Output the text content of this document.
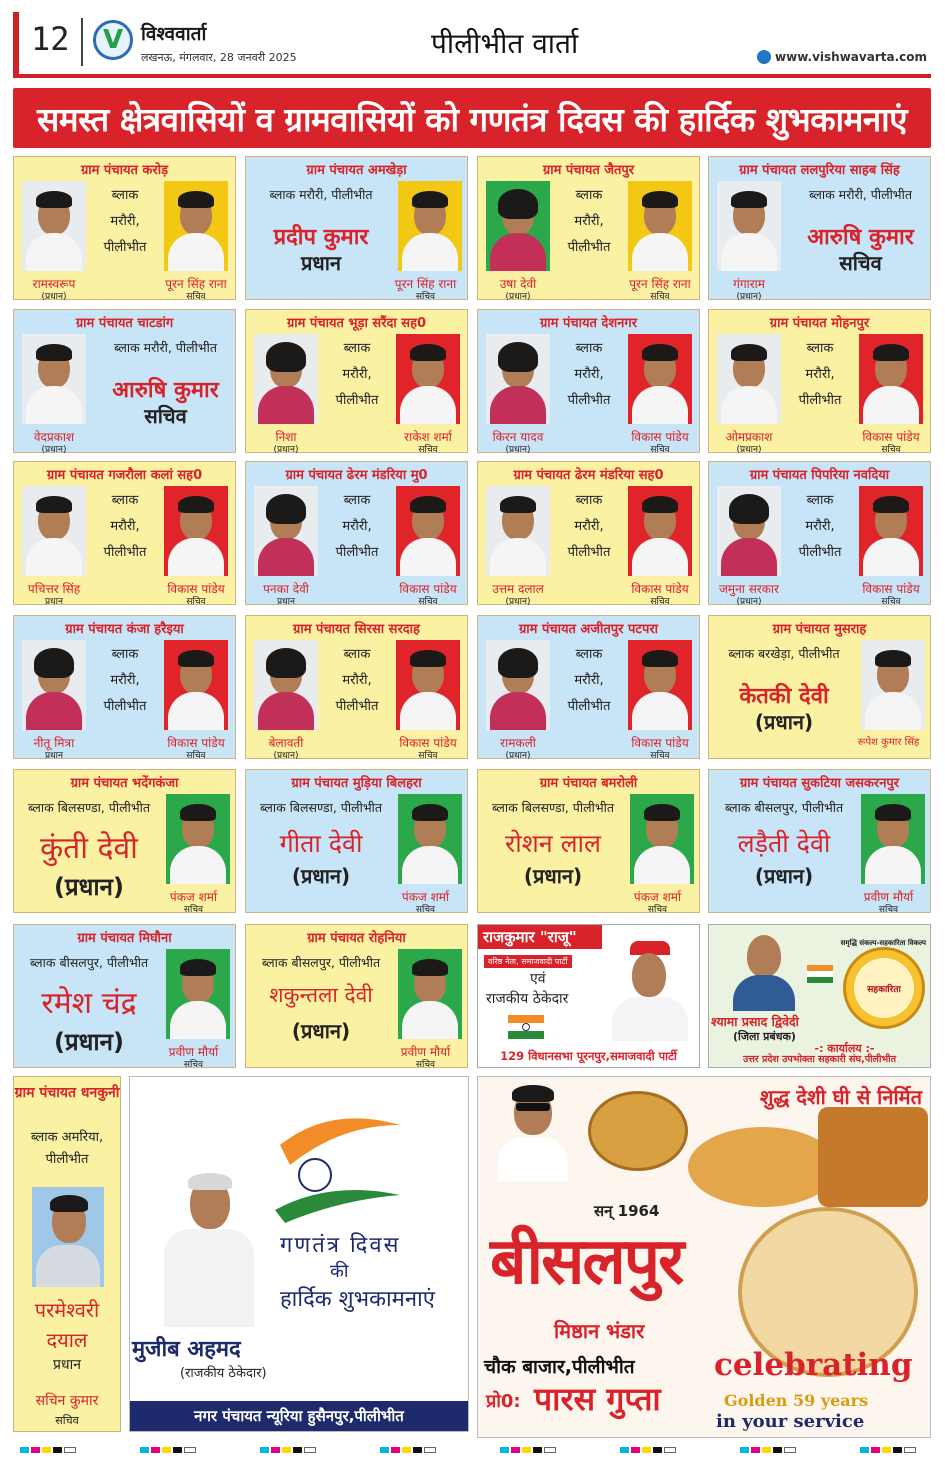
12	V विश्ववार्ता
लखनऊ, मंगलवार, 28 जनवरी 2025	पीलीभीत वार्ता	www.vishwavarta.com
समस्त क्षेत्रवासियों व ग्रामवासियों को गणतंत्र दिवस की हार्दिक शुभकामनाएं
ग्राम पंचायत करोड़
ब्लाक
मरौरी,
पीलीभीत
रामस्वरूप
(प्रधान)
पूरन सिंह राना
सचिव
ग्राम पंचायत अमखेड़ा
ब्लाक मरौरी, पीलीभीत
प्रदीप कुमार
प्रधान
पूरन सिंह राना
सचिव
ग्राम पंचायत जैतपुर
ब्लाक
मरौरी,
पीलीभीत
उषा देवी
(प्रधान)
पूरन सिंह राना
सचिव
ग्राम पंचायत ललपुरिया साहब सिंह
ब्लाक मरौरी, पीलीभीत
आरुषि कुमार
सचिव
गंगाराम
(प्रधान)
ग्राम पंचायत चाटडांग
ब्लाक मरौरी, पीलीभीत
आरुषि कुमार
सचिव
वेदप्रकाश
(प्रधान)
ग्राम पंचायत भूड़ा सरैंदा सह0
ब्लाक
मरौरी,
पीलीभीत
निशा
(प्रधान)
राकेश शर्मा
सचिव
ग्राम पंचायत देशनगर
ब्लाक
मरौरी,
पीलीभीत
किरन यादव
(प्रधान)
विकास पांडेय
सचिव
ग्राम पंचायत मोहनपुर
ब्लाक
मरौरी,
पीलीभीत
ओमप्रकाश
(प्रधान)
विकास पांडेय
सचिव
ग्राम पंचायत गजरौला कलां सह0
ब्लाक
मरौरी,
पीलीभीत
पचित्तर सिंह
प्रधान
विकास पांडेय
सचिव
ग्राम पंचायत ढेरम मंडरिया मु0
ब्लाक
मरौरी,
पीलीभीत
पनका देवी
प्रधान
विकास पांडेय
सचिव
ग्राम पंचायत ढेरम मंडरिया सह0
ब्लाक
मरौरी,
पीलीभीत
उत्तम दलाल
(प्रधान)
विकास पांडेय
सचिव
ग्राम पंचायत पिपरिया नवदिया
ब्लाक
मरौरी,
पीलीभीत
जमुना सरकार
(प्रधान)
विकास पांडेय
सचिव
ग्राम पंचायत कंजा हरैइया
ब्लाक
मरौरी,
पीलीभीत
नीतू मित्रा
प्रधान
विकास पांडेय
सचिव
ग्राम पंचायत सिरसा सरदाह
ब्लाक
मरौरी,
पीलीभीत
बेलावती
(प्रधान)
विकास पांडेय
सचिव
ग्राम पंचायत अजीतपुर पटपरा
ब्लाक
मरौरी,
पीलीभीत
रामकली
(प्रधान)
विकास पांडेय
सचिव
ग्राम पंचायत मुसराह
ब्लाक बरखेड़ा, पीलीभीत
केतकी देवी
(प्रधान)
रूपेश कुमार सिंह
ग्राम पंचायत भदेंगकंजा
ब्लाक बिलसण्डा, पीलीभीत
कुंती देवी
(प्रधान)	पंकज शर्मा
सचिव
ग्राम पंचायत मुड़िया बिलहरा
ब्लाक बिलसण्डा, पीलीभीत
गीता देवी
(प्रधान)
पंकज शर्मा
सचिव
ग्राम पंचायत बमरोली
ब्लाक बिलसण्डा, पीलीभीत
रोशन लाल
(प्रधान)
पंकज शर्मा
सचिव
ग्राम पंचायत सुकटिया जसकरनपुर
ब्लाक बीसलपुर, पीलीभीत
लड़ैती देवी
(प्रधान)
प्रवीण मौर्या
सचिव
ग्राम पंचायत मिघौना
ब्लाक बीसलपुर, पीलीभीत
रमेश चंद्र
(प्रधान)	प्रवीण मौर्या
सचिव
ग्राम पंचायत रोहनिया
ब्लाक बीसलपुर, पीलीभीत
शकुन्तला देवी
(प्रधान)
प्रवीण मौर्या
सचिव
राजकुमार "राजू"
वरिष्ठ नेता, समाजवादी पार्टी
एवं
राजकीय ठेकेदार
129 विधानसभा पूरनपुर,समाजवादी पार्टी
समृद्धि संकल्प-सहकारिता विकल्प
सहकारिता
श्यामा प्रसाद द्विवेदी
(जिला प्रबंधक)
-: कार्यालय :-
उत्तर प्रदेश उपभोक्ता सहकारी संघ,पीलीभीत
ग्राम पंचायत धनकुनी
ब्लाक अमरिया, पीलीभीत
परमेश्वरी दयाल
प्रधान
सचिन कुमार
सचिव
गणतंत्र दिवस
की
हार्दिक शुभकामनाएं
मुजीब अहमद
(राजकीय ठेकेदार)
नगर पंचायत न्यूरिया हुसैनपुर,पीलीभीत
शुद्ध देशी घी से निर्मित
सन् 1964
बीसलपुर
मिष्ठान भंडार
चौक बाजार,पीलीभीत
प्रो0: पारस गुप्ता
celebrating
Golden 59 years
in your service
